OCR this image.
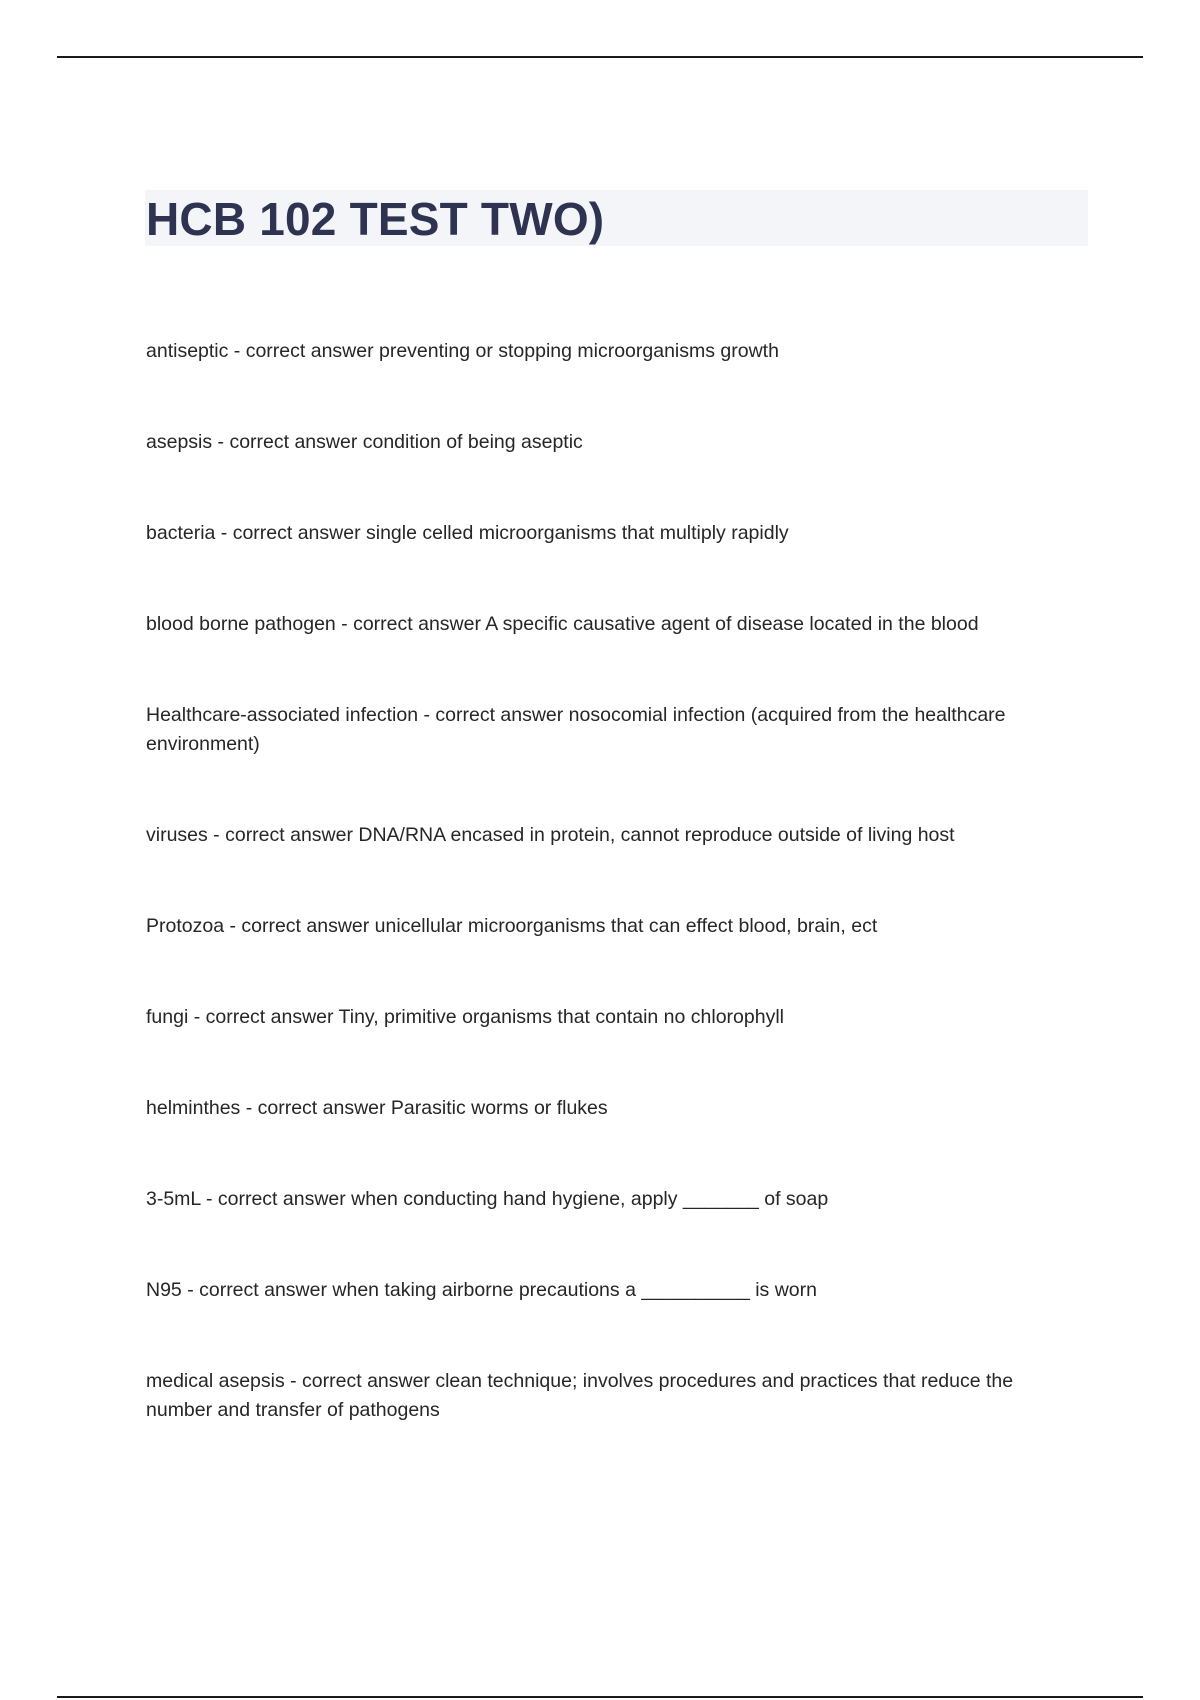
HCB 102 TEST TWO)

antiseptic - correct answer preventing or stopping microorganisms growth

asepsis - correct answer condition of being aseptic

bacteria - correct answer single celled microorganisms that multiply rapidly

blood borne pathogen - correct answer A specific causative agent of disease located in the blood

Healthcare-associated infection - correct answer nosocomial infection (acquired from the healthcare environment)

viruses - correct answer DNA/RNA encased in protein, cannot reproduce outside of living host

Protozoa - correct answer unicellular microorganisms that can effect blood, brain, ect

fungi - correct answer Tiny, primitive organisms that contain no chlorophyll

helminthes - correct answer Parasitic worms or flukes

3-5mL - correct answer when conducting hand hygiene, apply _______ of soap

N95 - correct answer when taking airborne precautions a __________ is worn

medical asepsis - correct answer clean technique; involves procedures and practices that reduce the number and transfer of pathogens
